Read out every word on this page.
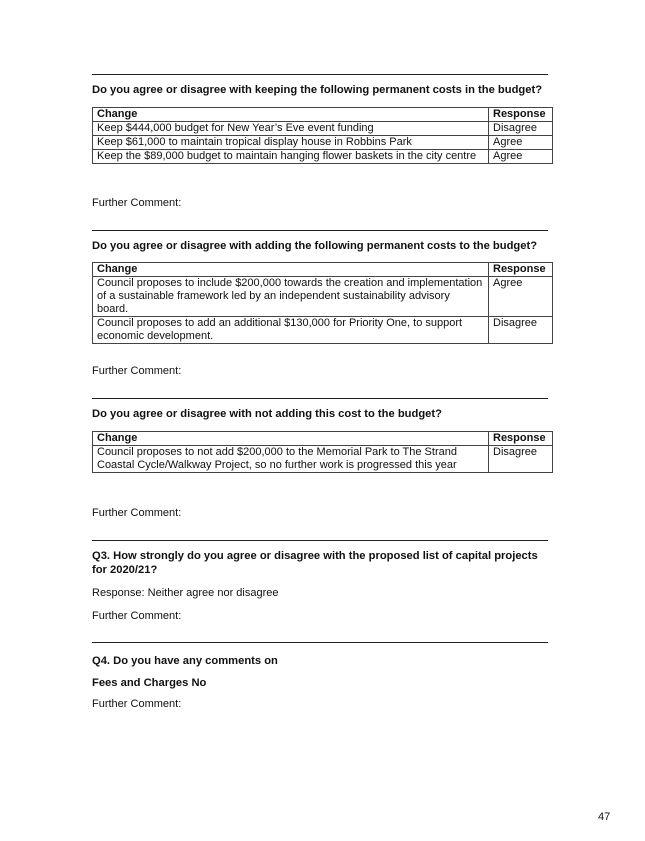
Do you agree or disagree with keeping the following permanent costs in the budget?

Change	Response
Keep $444,000 budget for New Year’s Eve event funding	Disagree
Keep $61,000 to maintain tropical display house in Robbins Park	Agree
Keep the $89,000 budget to maintain hanging flower baskets in the city centre	Agree

Further Comment:

Do you agree or disagree with adding the following permanent costs to the budget?

Change	Response
Council proposes to include $200,000 towards the creation and implementation of a sustainable framework led by an independent sustainability advisory board.	Agree
Council proposes to add an additional $130,000 for Priority One, to support economic development.	Disagree

Further Comment:

Do you agree or disagree with not adding this cost to the budget?

Change	Response
Council proposes to not add $200,000 to the Memorial Park to The Strand Coastal Cycle/Walkway Project, so no further work is progressed this year	Disagree

Further Comment:

Q3. How strongly do you agree or disagree with the proposed list of capital projects for 2020/21?

Response: Neither agree nor disagree

Further Comment:

Q4. Do you have any comments on

Fees and Charges No

Further Comment:

47
